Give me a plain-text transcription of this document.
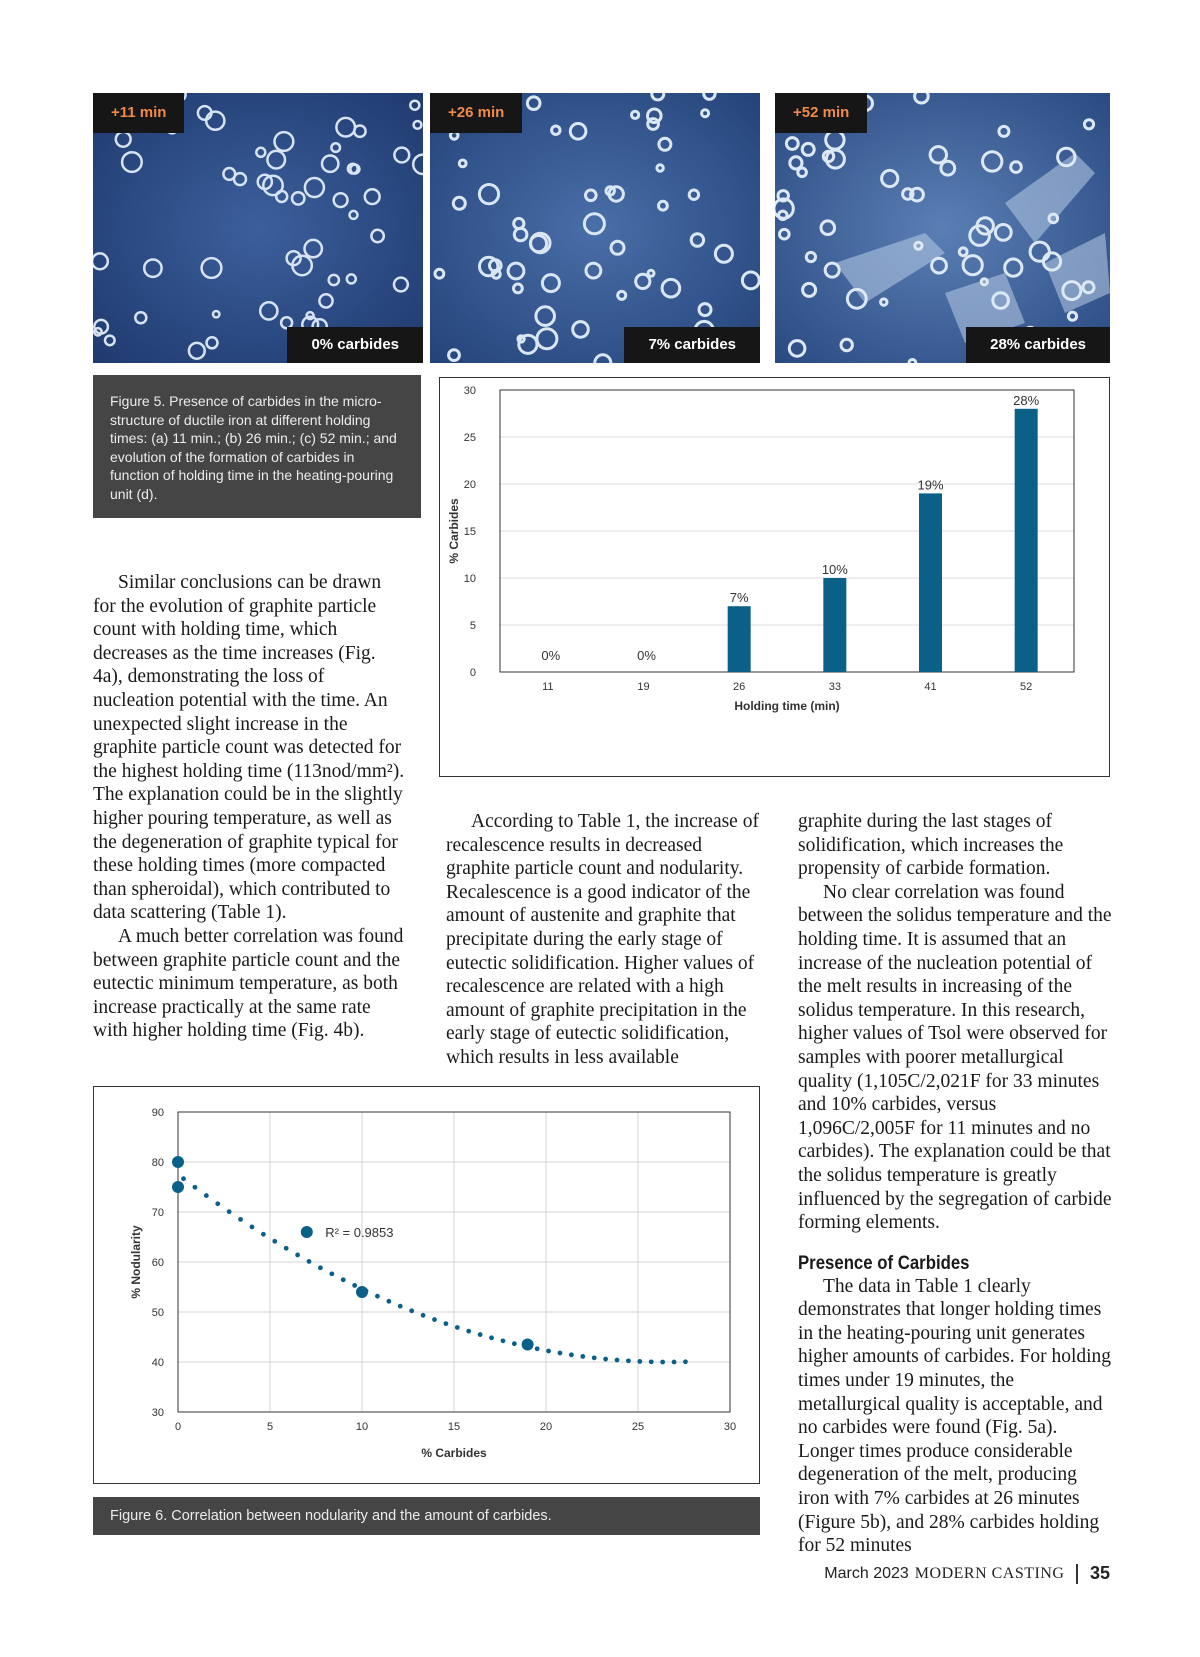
+11 min
0% carbides
+26 min
7% carbides
+52 min
28% carbides
Figure 5. Presence of carbides in the micro-structure of ductile iron at different holding times: (a) 11 min.; (b) 26 min.; (c) 52 min.; and evolution of the formation of carbides in function of holding time in the heating-pouring unit (d).
0
5
10
15
20
25
30
0%
11
0%
19
7%
26
10%
33
19%
41
28%
52
Holding time (min)
% Carbides

Similar conclusions can be drawn for the evolution of graphite particle count with holding time, which decreases as the time increases (Fig. 4a), demonstrating the loss of nucleation potential with the time. An unexpected slight increase in the graphite particle count was detected for the highest holding time (113nod/mm²). The explanation could be in the slightly higher pouring temperature, as well as the degeneration of graphite typical for these holding times (more compacted than spheroidal), which contributed to data scattering (Table 1).

A much better correlation was found between graphite particle count and the eutectic minimum temperature, as both increase practically at the same rate with higher holding time (Fig. 4b).

According to Table 1, the increase of recalescence results in decreased graphite particle count and nodularity. Recalescence is a good indicator of the amount of austenite and graphite that precipitate during the early stage of eutectic solidification. Higher values of recalescence are related with a high amount of graphite precipitation in the early stage of eutectic solidification, which results in less available

graphite during the last stages of solidification, which increases the propensity of carbide formation.

No clear correlation was found between the solidus temperature and the holding time. It is assumed that an increase of the nucleation potential of the melt results in increasing of the solidus temperature. In this research, higher values of Tsol were observed for samples with poorer metallurgical quality (1,105C/2,021F for 33 minutes and 10% carbides, versus 1,096C/2,005F for 11 minutes and no carbides). The explanation could be that the solidus temperature is greatly influenced by the segregation of carbide forming elements.

Presence of Carbides

The data in Table 1 clearly demonstrates that longer holding times in the heating-pouring unit generates higher amounts of carbides. For holding times under 19 minutes, the metallurgical quality is acceptable, and no carbides were found (Fig. 5a). Longer times produce considerable degeneration of the melt, producing iron with 7% carbides at 26 minutes (Figure 5b), and 28% carbides holding for 52 minutes

30
40
50
60
70
80
90
0	5	10	15	20	25	30
R² = 0.9853
% Carbides
% Nodularity
Figure 6. Correlation between nodularity and the amount of carbides.
March 2023 MODERN CASTING 35
